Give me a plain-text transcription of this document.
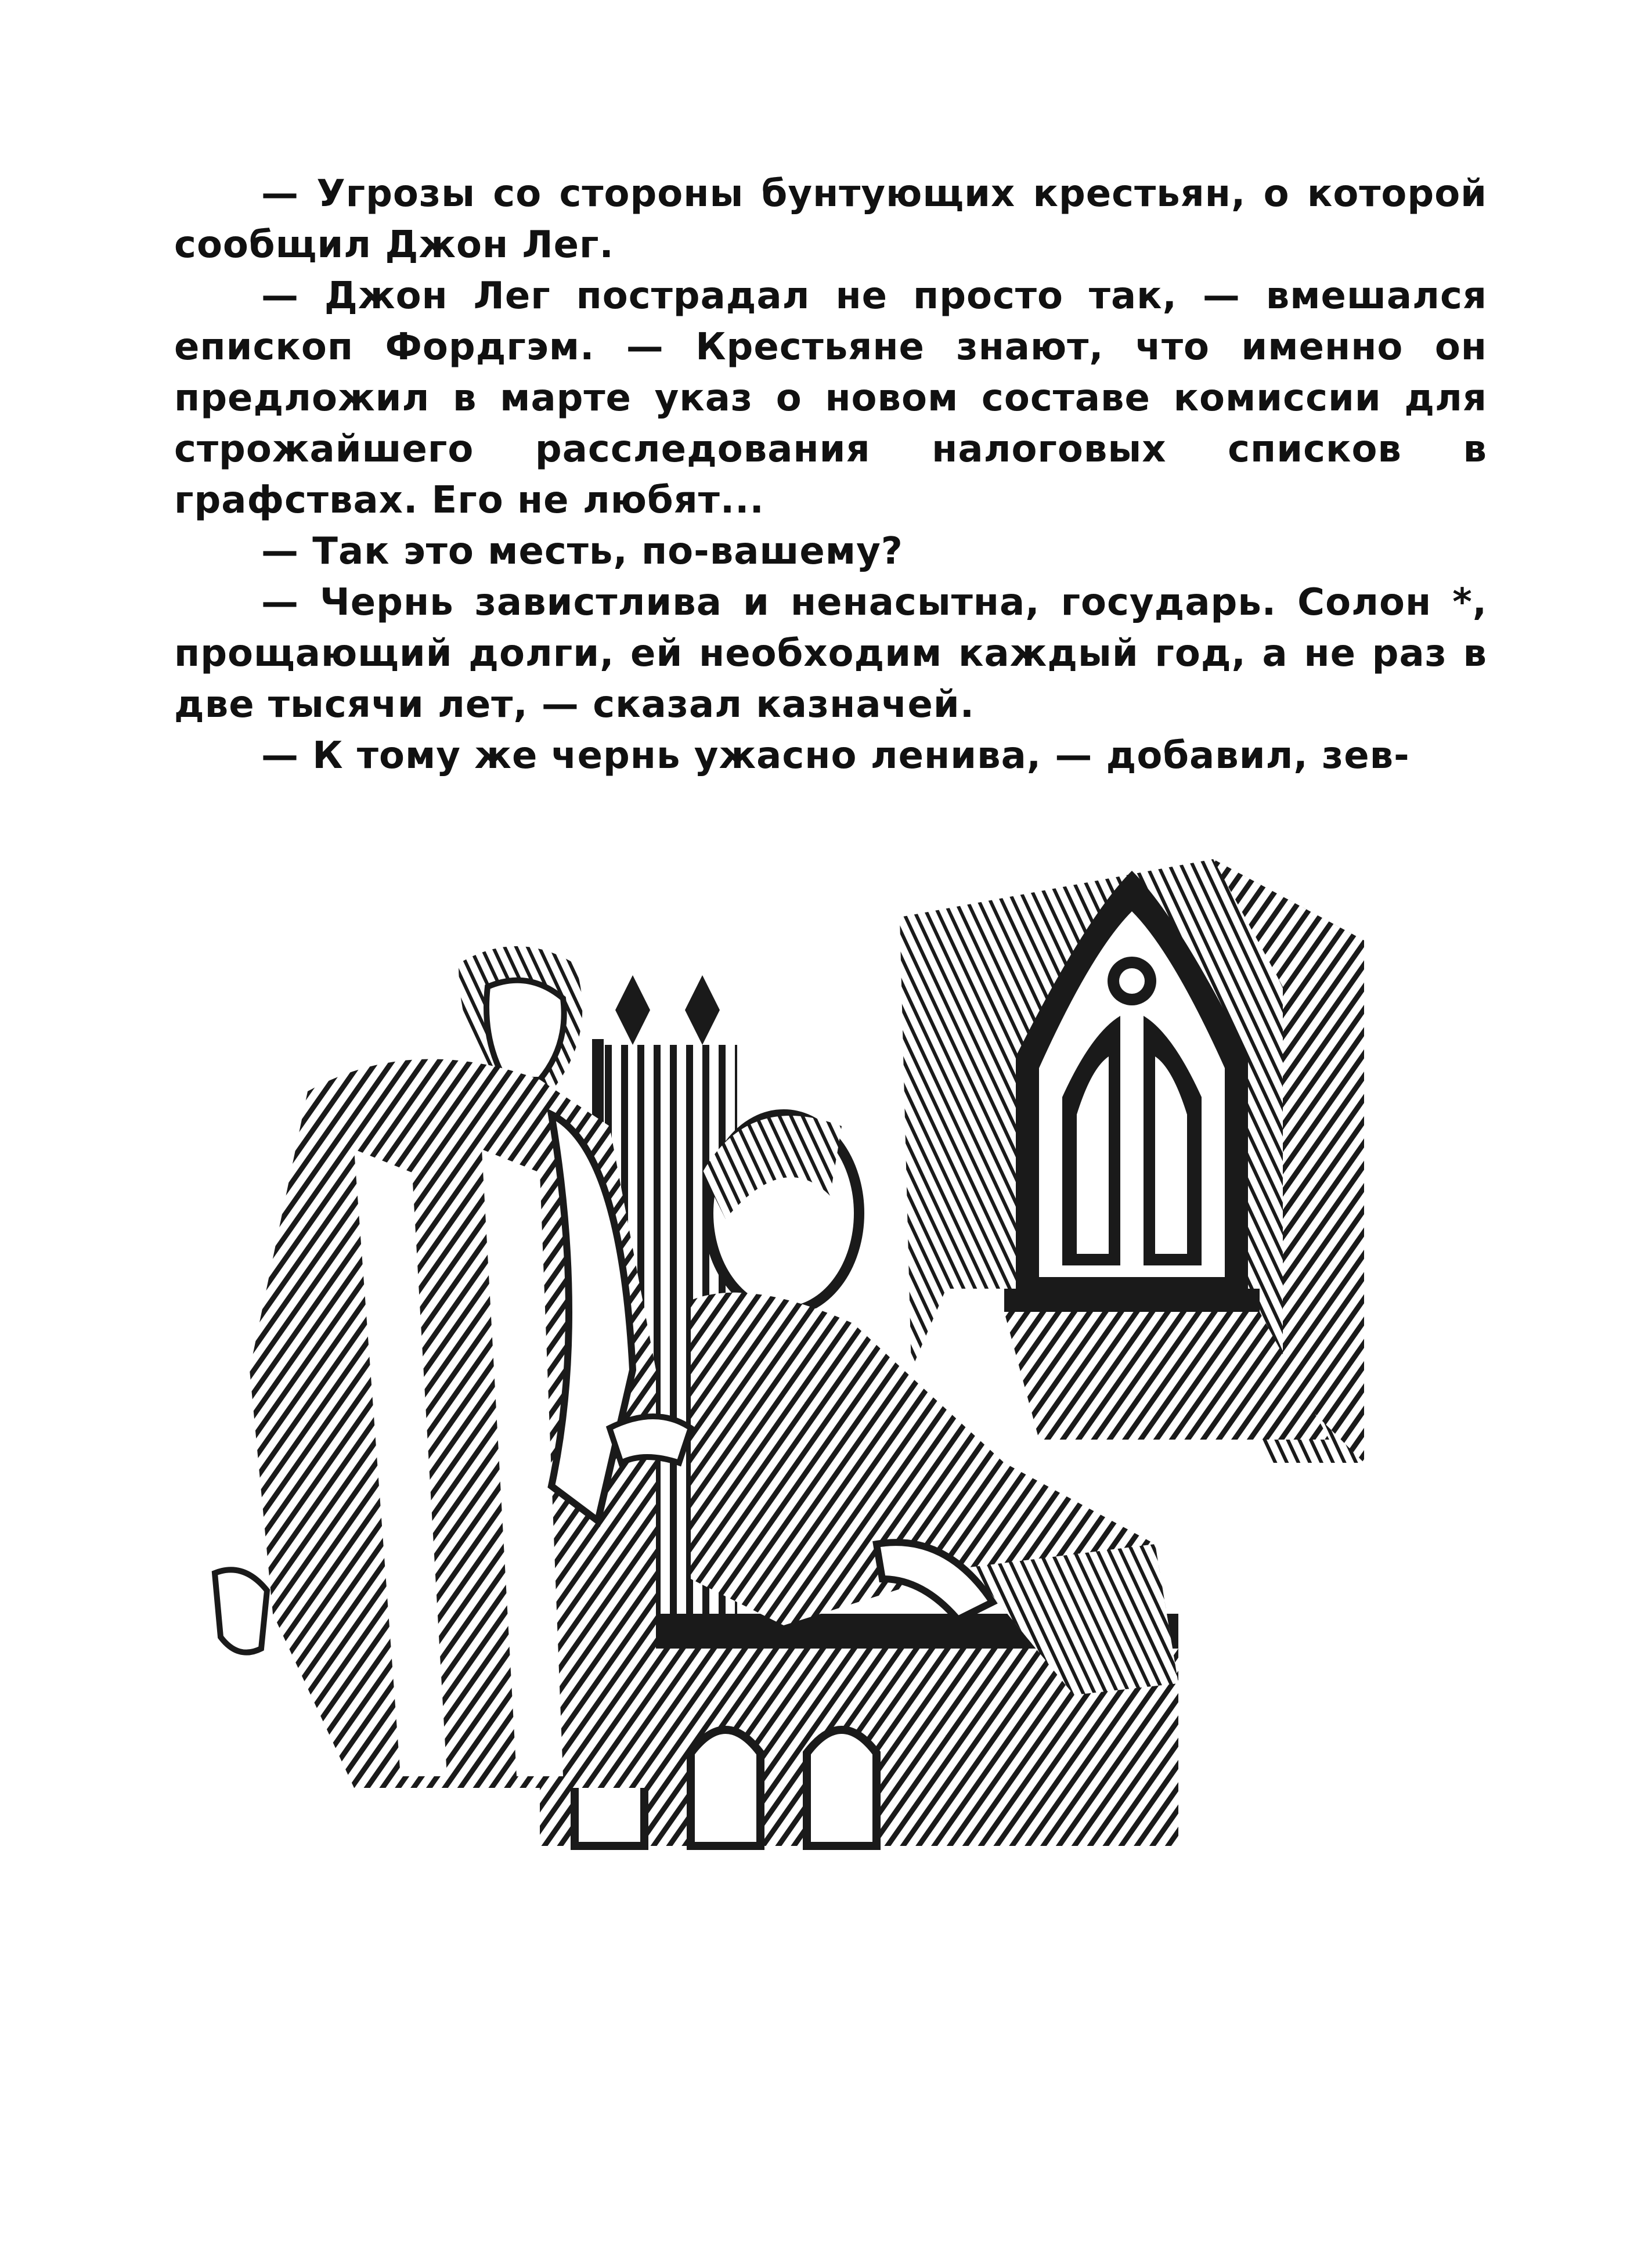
— Угрозы со стороны бунтующих крестьян, о которой сообщил Джон Лег.

— Джон Лег пострадал не просто так, — вмешался епископ Фордгэм. — Крестьяне знают, что именно он предложил в марте указ о новом составе комиссии для строжайшего расследования налоговых списков в графствах. Его не любят...

— Так это месть, по-вашему?

— Чернь завистлива и ненасытна, государь. Солон *, прощающий долги, ей необходим каждый год, а не раз в две тысячи лет, — сказал казначей.

— К тому же чернь ужасно ленива, — добавил, зев-
